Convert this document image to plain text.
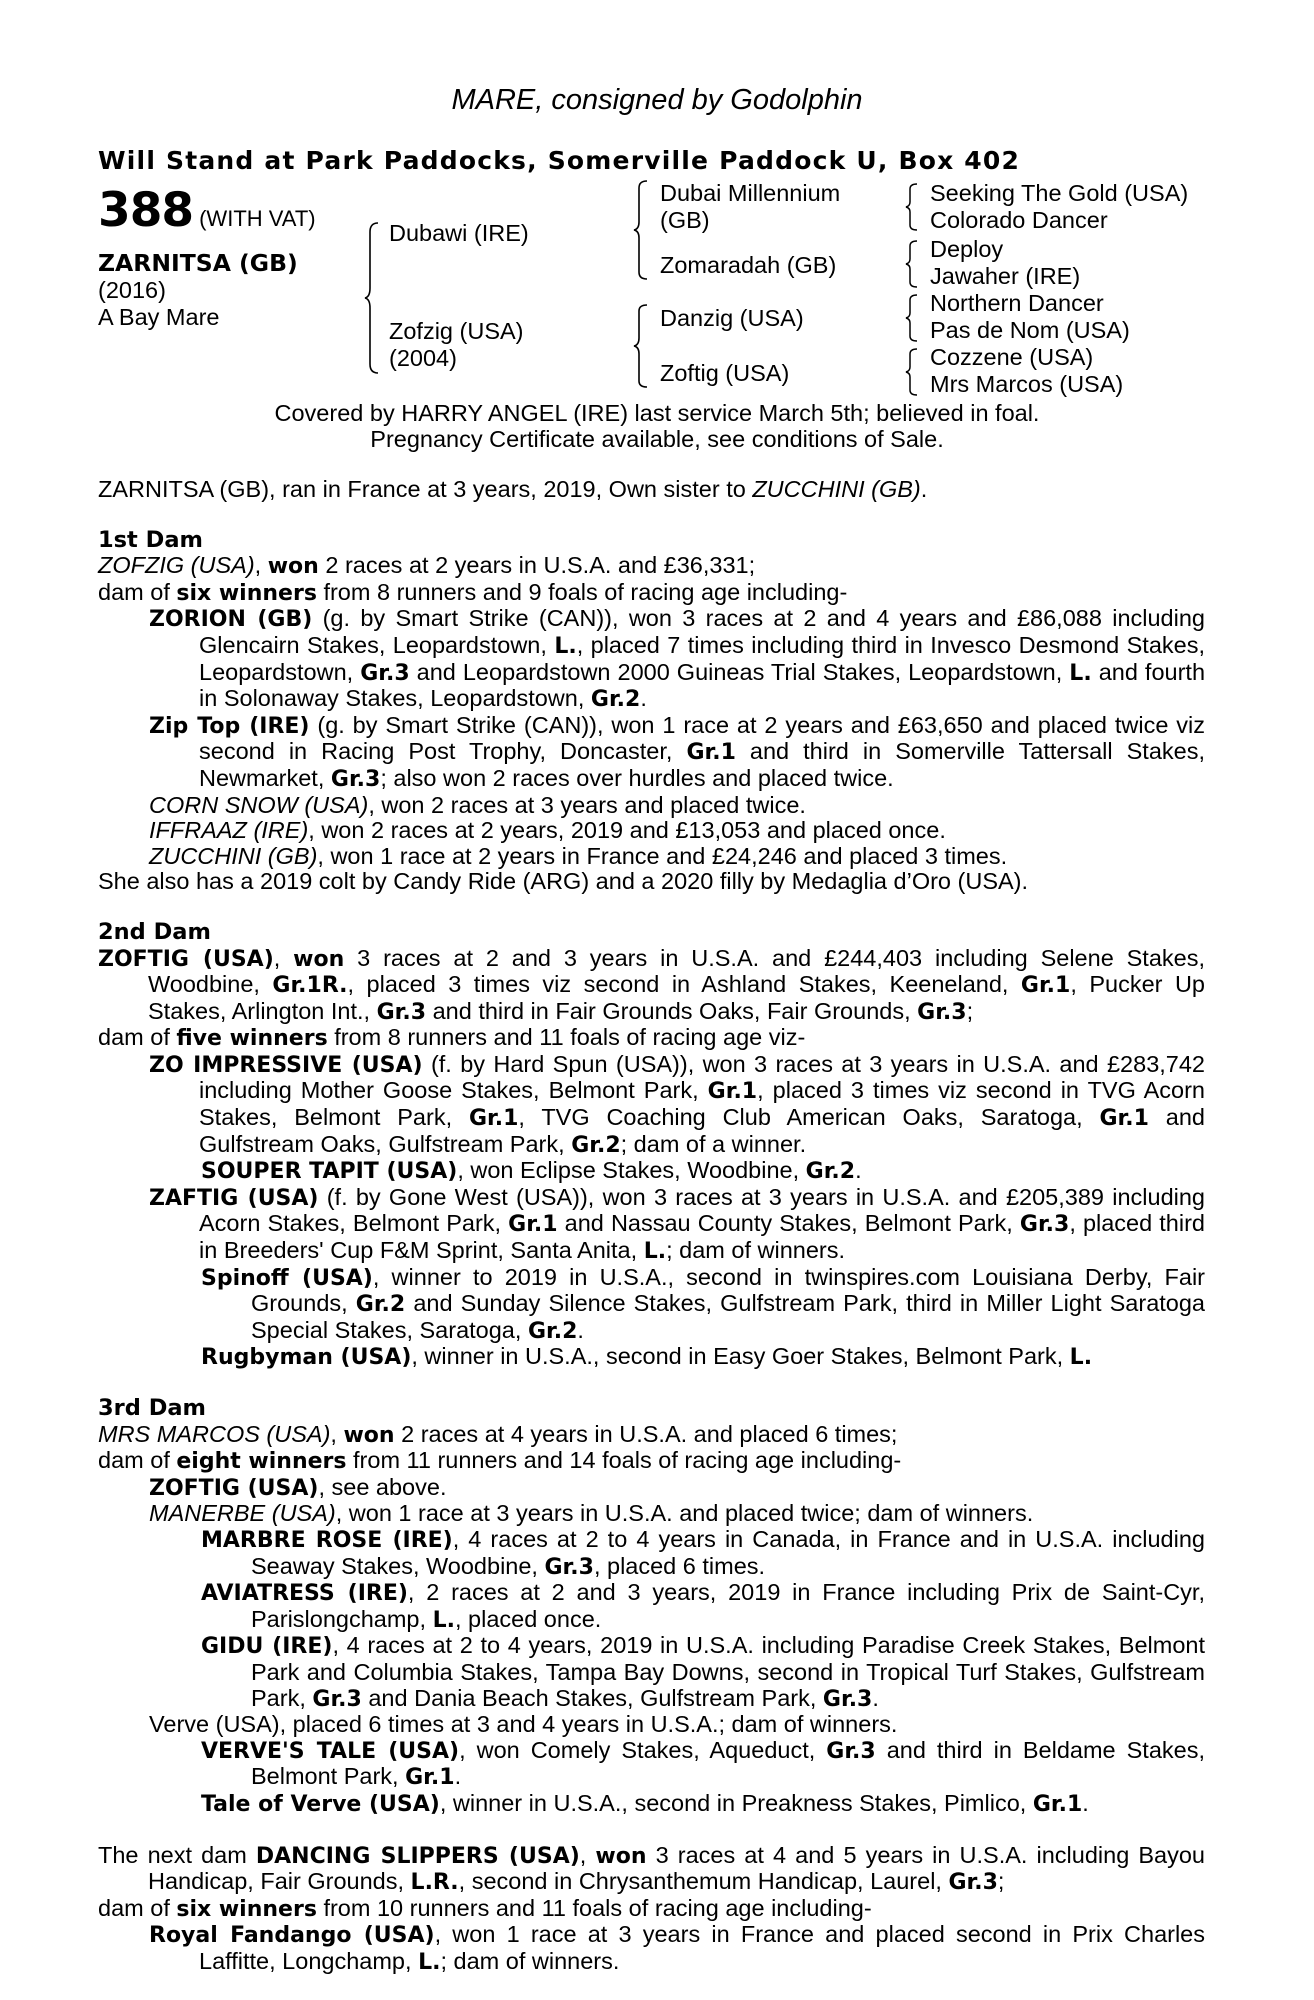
MARE, consigned by Godolphin
Will Stand at Park Paddocks, Somerville Paddock U, Box 402
388 (WITH VAT)
ZARNITSA (GB)
(2016)
A Bay Mare
Dubawi (IRE)
Zofzig (USA)
(2004)
Dubai Millennium
(GB)
Zomaradah (GB)
Danzig (USA)
Zoftig (USA)
Seeking The Gold (USA)
Colorado Dancer
Deploy
Jawaher (IRE)
Northern Dancer
Pas de Nom (USA)
Cozzene (USA)
Mrs Marcos (USA)
Covered by HARRY ANGEL (IRE) last service March 5th; believed in foal.
Pregnancy Certificate available, see conditions of Sale.

ZARNITSA (GB), ran in France at 3 years, 2019, Own sister to ZUCCHINI (GB).

1st Dam

ZOFZIG (USA), won 2 races at 2 years in U.S.A. and £36,331;

dam of six winners from 8 runners and 9 foals of racing age including-

ZORION (GB) (g. by Smart Strike (CAN)), won 3 races at 2 and 4 years and £86,088 including Glencairn Stakes, Leopardstown, L., placed 7 times including third in Invesco Desmond Stakes, Leopardstown, Gr.3 and Leopardstown 2000 Guineas Trial Stakes, Leopardstown, L. and fourth in Solonaway Stakes, Leopardstown, Gr.2.

Zip Top (IRE) (g. by Smart Strike (CAN)), won 1 race at 2 years and £63,650 and placed twice viz second in Racing Post Trophy, Doncaster, Gr.1 and third in Somerville Tattersall Stakes, Newmarket, Gr.3; also won 2 races over hurdles and placed twice.

CORN SNOW (USA), won 2 races at 3 years and placed twice.

IFFRAAZ (IRE), won 2 races at 2 years, 2019 and £13,053 and placed once.

ZUCCHINI (GB), won 1 race at 2 years in France and £24,246 and placed 3 times.

She also has a 2019 colt by Candy Ride (ARG) and a 2020 filly by Medaglia d’Oro (USA).

2nd Dam

ZOFTIG (USA), won 3 races at 2 and 3 years in U.S.A. and £244,403 including Selene Stakes, Woodbine, Gr.1R., placed 3 times viz second in Ashland Stakes, Keeneland, Gr.1, Pucker Up Stakes, Arlington Int., Gr.3 and third in Fair Grounds Oaks, Fair Grounds, Gr.3;

dam of five winners from 8 runners and 11 foals of racing age viz-

ZO IMPRESSIVE (USA) (f. by Hard Spun (USA)), won 3 races at 3 years in U.S.A. and £283,742 including Mother Goose Stakes, Belmont Park, Gr.1, placed 3 times viz second in TVG Acorn Stakes, Belmont Park, Gr.1, TVG Coaching Club American Oaks, Saratoga, Gr.1 and Gulfstream Oaks, Gulfstream Park, Gr.2; dam of a winner.

SOUPER TAPIT (USA), won Eclipse Stakes, Woodbine, Gr.2.

ZAFTIG (USA) (f. by Gone West (USA)), won 3 races at 3 years in U.S.A. and £205,389 including Acorn Stakes, Belmont Park, Gr.1 and Nassau County Stakes, Belmont Park, Gr.3, placed third in Breeders' Cup F&M Sprint, Santa Anita, L.; dam of winners.

Spinoff (USA), winner to 2019 in U.S.A., second in twinspires.com Louisiana Derby, Fair Grounds, Gr.2 and Sunday Silence Stakes, Gulfstream Park, third in Miller Light Saratoga Special Stakes, Saratoga, Gr.2.

Rugbyman (USA), winner in U.S.A., second in Easy Goer Stakes, Belmont Park, L.

3rd Dam

MRS MARCOS (USA), won 2 races at 4 years in U.S.A. and placed 6 times;

dam of eight winners from 11 runners and 14 foals of racing age including-

ZOFTIG (USA), see above.

MANERBE (USA), won 1 race at 3 years in U.S.A. and placed twice; dam of winners.

MARBRE ROSE (IRE), 4 races at 2 to 4 years in Canada, in France and in U.S.A. including Seaway Stakes, Woodbine, Gr.3, placed 6 times.

AVIATRESS (IRE), 2 races at 2 and 3 years, 2019 in France including Prix de Saint-Cyr, Parislongchamp, L., placed once.

GIDU (IRE), 4 races at 2 to 4 years, 2019 in U.S.A. including Paradise Creek Stakes, Belmont Park and Columbia Stakes, Tampa Bay Downs, second in Tropical Turf Stakes, Gulfstream Park, Gr.3 and Dania Beach Stakes, Gulfstream Park, Gr.3.

Verve (USA), placed 6 times at 3 and 4 years in U.S.A.; dam of winners.

VERVE'S TALE (USA), won Comely Stakes, Aqueduct, Gr.3 and third in Beldame Stakes, Belmont Park, Gr.1.

Tale of Verve (USA), winner in U.S.A., second in Preakness Stakes, Pimlico, Gr.1.

The next dam DANCING SLIPPERS (USA), won 3 races at 4 and 5 years in U.S.A. including Bayou Handicap, Fair Grounds, L.R., second in Chrysanthemum Handicap, Laurel, Gr.3;

dam of six winners from 10 runners and 11 foals of racing age including-

Royal Fandango (USA), won 1 race at 3 years in France and placed second in Prix Charles Laffitte, Longchamp, L.; dam of winners.
